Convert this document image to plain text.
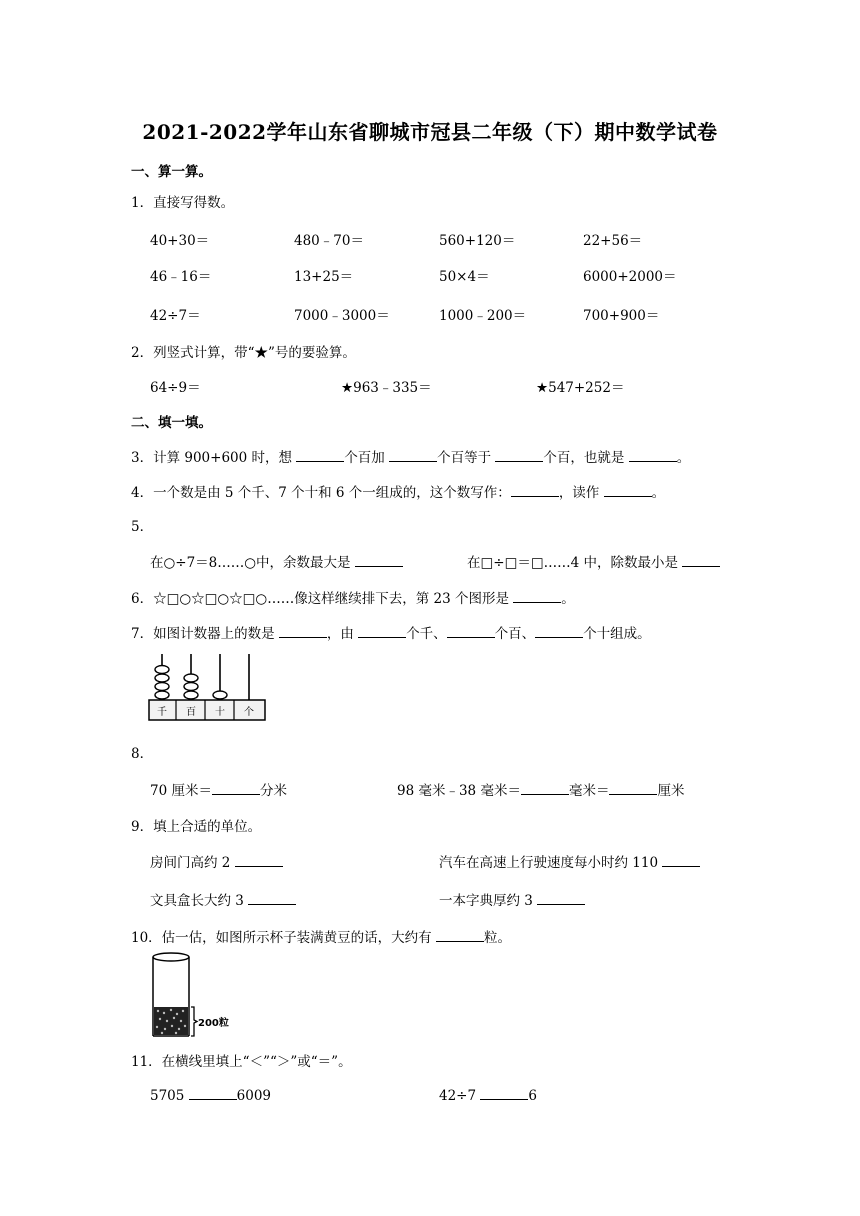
2021-2022学年山东省聊城市冠县二年级（下）期中数学试卷
一、算一算。
1．直接写得数。
40+30＝	480﹣70＝	560+120＝	22+56＝
46﹣16＝	13+25＝	50×4＝	6000+2000＝
42÷7＝	7000﹣3000＝	1000﹣200＝	700+900＝
2．列竖式计算，带“★”号的要验算。
64÷9＝	★963﹣335＝	★547+252＝
二、填一填。
3．计算 900+600 时，想	个百加	个百等于	个百，也就是	。
4．一个数是由 5 个千、7 个十和 6 个一组成的，这个数写作：	，读作	。
5．
在○÷7＝8……○中，余数最大是	在□÷□＝□……4 中，除数最小是
6．☆□○☆□○☆□○……像这样继续排下去，第 23 个图形是	。
7．如图计数器上的数是	，由	个千、	个百、	个十组成。
千 百 十 个
8．
70 厘米＝	分米	98 毫米﹣38 毫米＝	毫米＝	厘米
9．填上合适的单位。
房间门高约 2	汽车在高速上行驶速度每小时约 110
文具盒长大约 3	一本字典厚约 3
10．估一估，如图所示杯子装满黄豆的话，大约有	粒。
200粒
11．在横线里填上“＜”“＞”或“＝”。
5705	6009	42÷7	6
